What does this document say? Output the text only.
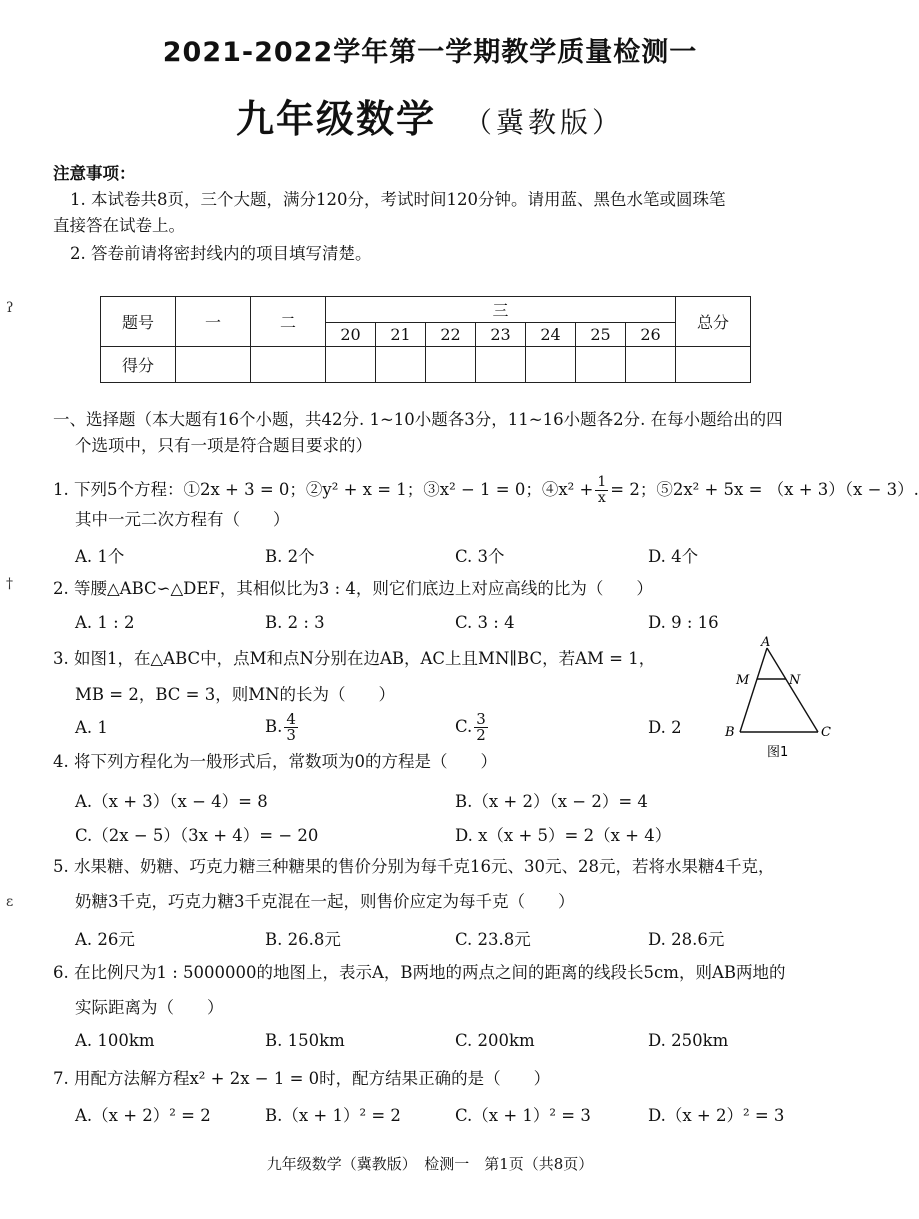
2021-2022学年第一学期教学质量检测一
九年级数学 （冀教版）
ʔ
†
ɛ
注意事项：
1. 本试卷共8页，三个大题，满分120分，考试时间120分钟。请用蓝、黑色水笔或圆珠笔
直接答在试卷上。
2. 答卷前请将密封线内的项目填写清楚。
题号	一	二	三							总分
			20	21	22	23	24	25	26	
得分										
一、选择题（本大题有16个小题，共42分. 1~10小题各3分，11~16小题各2分. 在每小题给出的四
个选项中，只有一项是符合题目要求的）
1. 下列5个方程：①2x + 3 = 0；②y² + x = 1；③x² − 1 = 0；④x² + $\frac{1}{x} = 2$；⑤2x² + 5x = （x + 3）（x − 3）.
其中一元二次方程有（　　）
A. 1个	B. 2个	C. 3个	D. 4个
2. 等腰△ABC∽△DEF，其相似比为3 : 4，则它们底边上对应高线的比为（　　）
A. 1 : 2	B. 2 : 3	C. 3 : 4	D. 9 : 16
3. 如图1，在△ABC中，点M和点N分别在边AB，AC上且MN∥BC，若AM = 1，
MB = 2，BC = 3，则MN的长为（　　）
A. 1	B. $\frac{4}{3}$	C. $\frac{3}{2}$	D. 2
A
M	N
B	C
图1
4. 将下列方程化为一般形式后，常数项为0的方程是（　　）
A.（x + 3）（x − 4）= 8	B.（x + 2）（x − 2）= 4
C.（2x − 5）（3x + 4）= − 20	D. x（x + 5）= 2（x + 4）
5. 水果糖、奶糖、巧克力糖三种糖果的售价分别为每千克16元、30元、28元，若将水果糖4千克，
奶糖3千克，巧克力糖3千克混在一起，则售价应定为每千克（　　）
A. 26元	B. 26.8元	C. 23.8元	D. 28.6元
6. 在比例尺为1 : 5000000的地图上，表示A，B两地的两点之间的距离的线段长5cm，则AB两地的
实际距离为（　　）
A. 100km	B. 150km	C. 200km	D. 250km
7. 用配方法解方程x² + 2x − 1 = 0时，配方结果正确的是（　　）
A.（x + 2）² = 2	B.（x + 1）² = 2	C.（x + 1）² = 3	D.（x + 2）² = 3
九年级数学（冀教版）　检测一　第1页（共8页）
